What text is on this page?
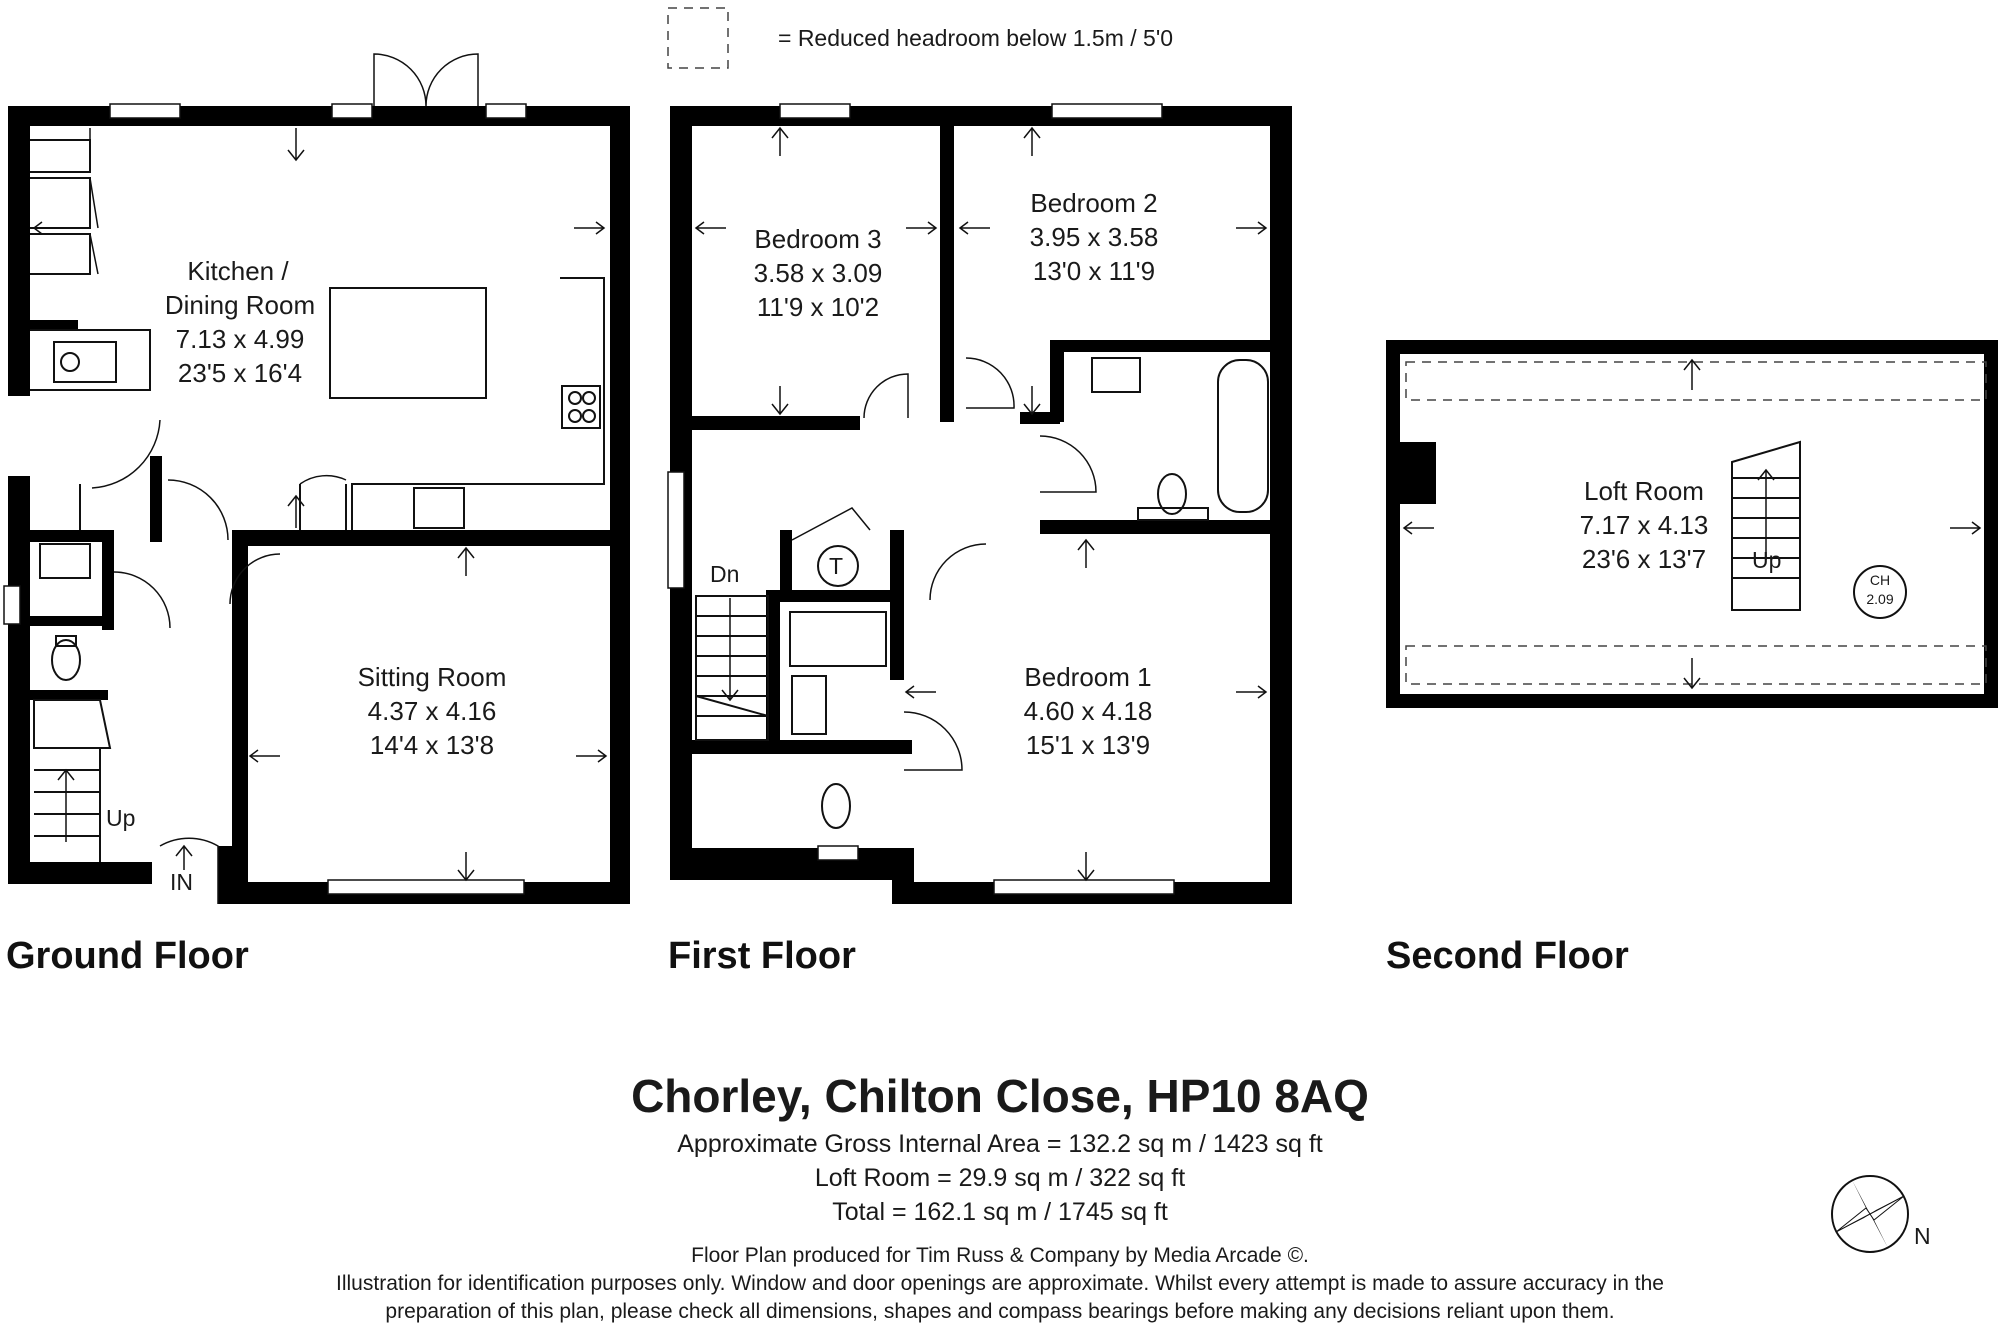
= Reduced headroom below 1.5m / 5'0
Kitchen /
Dining Room
7.13 x 4.99
23'5 x 16'4
Sitting Room
4.37 x 4.16
14'4 x 13'8
Up
IN
Ground Floor
T
Bedroom 3
3.58 x 3.09
11'9 x 10'2
Bedroom 2
3.95 x 3.58
13'0 x 11'9
Bedroom 1
4.60 x 4.18
15'1 x 13'9
Dn
First Floor
CH
2.09
Loft Room
7.17 x 4.13
23'6 x 13'7 Up
Second Floor
Chorley, Chilton Close, HP10 8AQ
Approximate Gross Internal Area = 132.2 sq m / 1423 sq ft
Loft Room = 29.9 sq m / 322 sq ft
Total = 162.1 sq m / 1745 sq ft
Floor Plan produced for Tim Russ & Company by Media Arcade ©.
Illustration for identification purposes only. Window and door openings are approximate. Whilst every attempt is made to assure accuracy in the
preparation of this plan, please check all dimensions, shapes and compass bearings before making any decisions reliant upon them.
N
